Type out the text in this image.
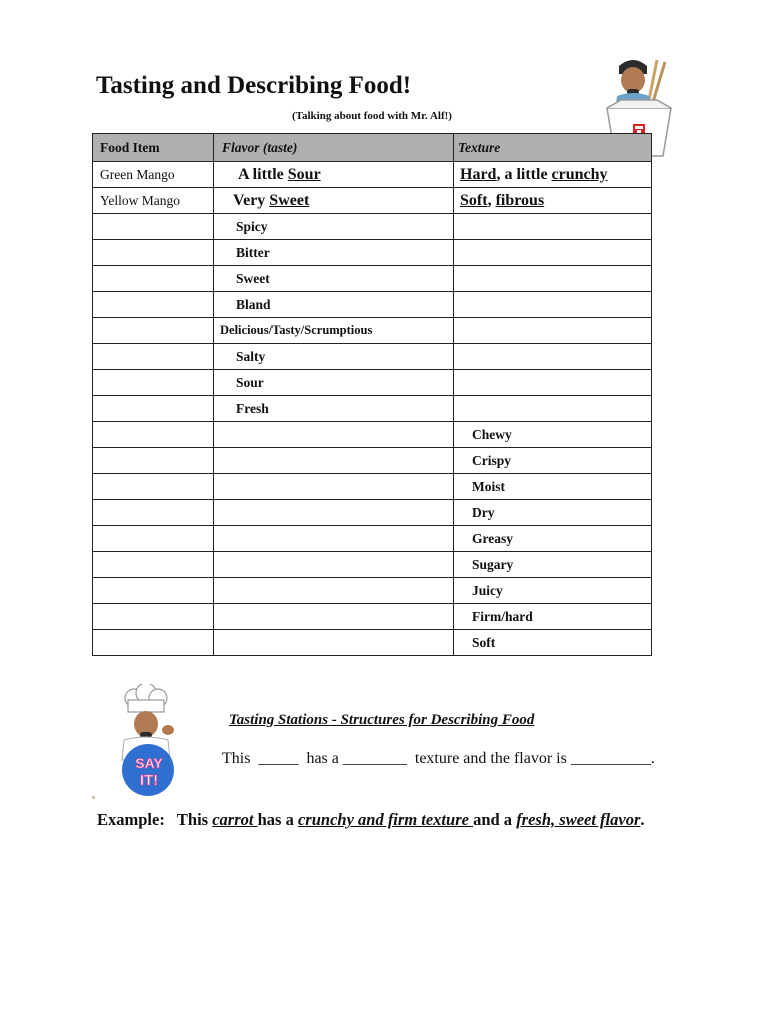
Tasting and Describing Food!
(Talking about food with Mr. Alf!)
Food Item	Flavor (taste)	Texture
Green Mango	A little Sour	Hard, a little crunchy
Yellow Mango	Very Sweet	Soft, fibrous
	Spicy	
	Bitter	
	Sweet	
	Bland	
	Delicious/Tasty/Scrumptious	
	Salty	
	Sour	
	Fresh	
		Chewy
		Crispy
		Moist
		Dry
		Greasy
		Sugary
		Juicy
		Firm/hard
		Soft
SAY
IT!
Tasting Stations - Structures for Describing Food
This  _____  has a ________  texture and the flavor is __________.
Example:   This carrot has a crunchy and firm texture and a fresh, sweet flavor.
